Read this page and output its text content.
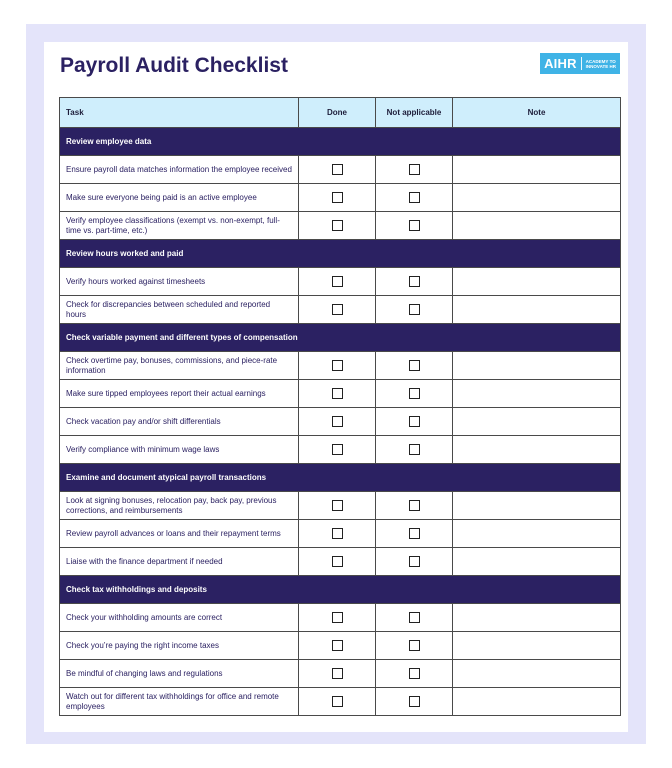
Payroll Audit Checklist	AIHR ACADEMY TO
INNOVATE HR
Task	Done	Not applicable	Note
Review employee data			
Ensure payroll data matches information the employee received			
Make sure everyone being paid is an active employee			
Verify employee classifications (exempt vs. non-exempt, full-time vs. part-time, etc.)			
Review hours worked and paid			
Verify hours worked against timesheets			
Check for discrepancies between scheduled and reported hours			
Check variable payment and different types of compensation			
Check overtime pay, bonuses, commissions, and piece-rate information			
Make sure tipped employees report their actual earnings			
Check vacation pay and/or shift differentials			
Verify compliance with minimum wage laws			
Examine and document atypical payroll transactions			
Look at signing bonuses, relocation pay, back pay, previous corrections, and reimbursements			
Review payroll advances or loans and their repayment terms			
Liaise with the finance department if needed			
Check tax withholdings and deposits			
Check your withholding amounts are correct			
Check you’re paying the right income taxes			
Be mindful of changing laws and regulations			
Watch out for different tax withholdings for office and remote employees			
